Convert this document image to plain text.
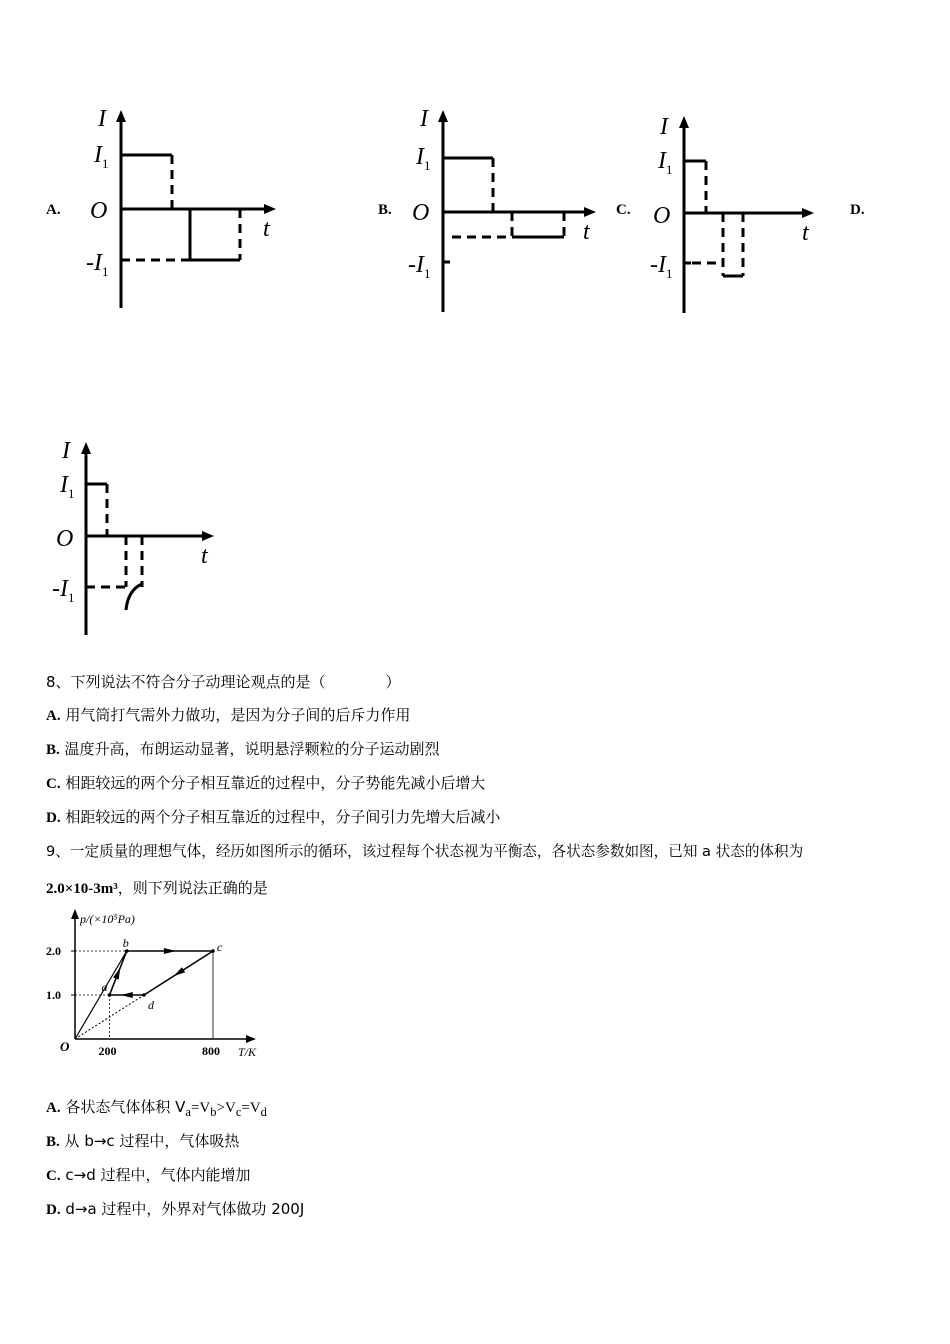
A.
I
t
O
$I_1$
$-I_1$
B.
I
t
O
$I_1$
$-I_1$
C.
I
t
O
$I_1$
$-I_1$
D.
I
t
O
$I_1$
$-I_1$
8、下列说法不符合分子动理论观点的是（　　　　）
A. 用气筒打气需外力做功，是因为分子间的后斥力作用
B. 温度升高，布朗运动显著，说明悬浮颗粒的分子运动剧烈
C. 相距较远的两个分子相互靠近的过程中，分子势能先减小后增大
D. 相距较远的两个分子相互靠近的过程中，分子间引力先增大后减小
9、一定质量的理想气体，经历如图所示的循环，该过程每个状态视为平衡态，各状态参数如图，已知 a 状态的体积为
2.0×10-3m³，则下列说法正确的是
p/(×10⁵Pa)
T/K
O
2.0
1.0
200	800
a
b	c
d
A. 各状态气体体积 $V_a=V_b>V_c=V_d$
B. 从 b→c 过程中，气体吸热
C. c→d 过程中，气体内能增加
D. d→a 过程中，外界对气体做功 200J
